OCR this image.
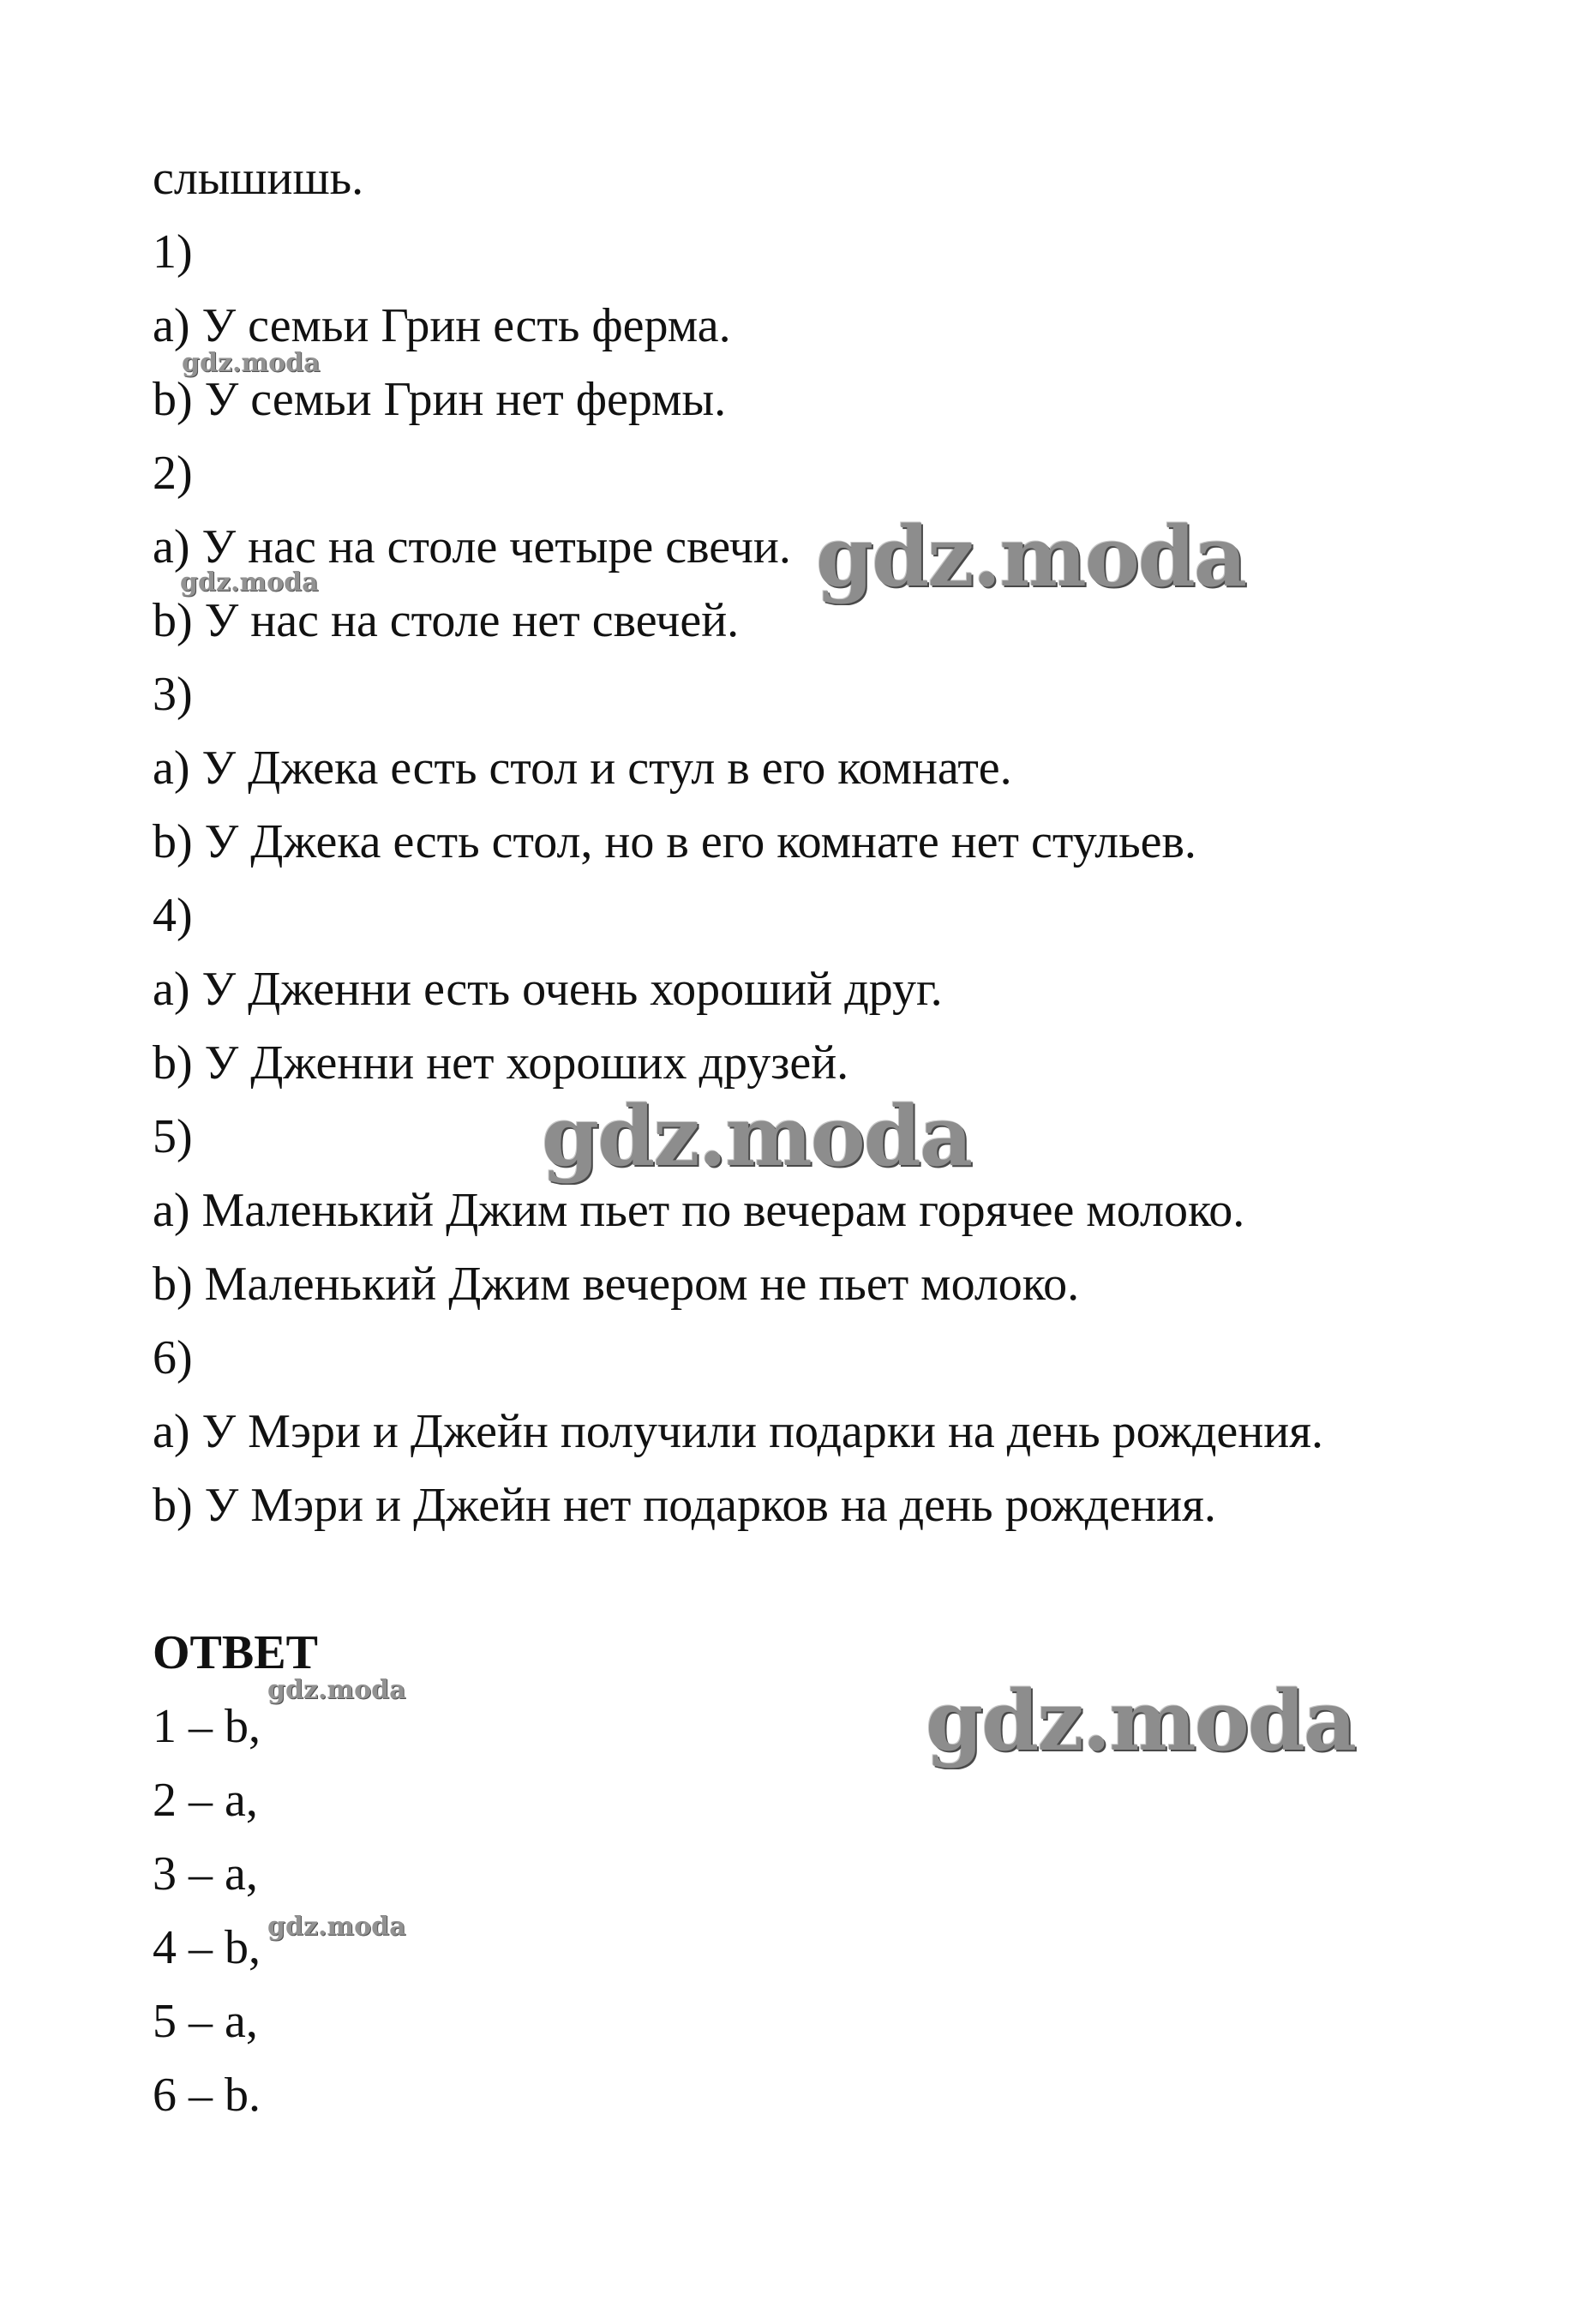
слышишь.
1)
a) У семьи Грин есть ферма.
b) У семьи Грин нет фермы.
2)
a) У нас на столе четыре свечи.
b) У нас на столе нет свечей.
3)
a) У Джека есть стол и стул в его комнате.
b) У Джека есть стол, но в его комнате нет стульев.
4)
a) У Дженни есть очень хороший друг.
b) У Дженни нет хороших друзей.
5)
a) Маленький Джим пьет по вечерам горячее молоко.
b) Маленький Джим вечером не пьет молоко.
6)
a) У Мэри и Джейн получили подарки на день рождения.
b) У Мэри и Джейн нет подарков на день рождения.
ОТВЕТ
1 – b,
2 – a,
3 – a,
4 – b,
5 – a,
6 – b.
gdz.moda
gdz.moda
gdz.moda
gdz.moda
gdz.moda	gdz.moda
gdz.moda
